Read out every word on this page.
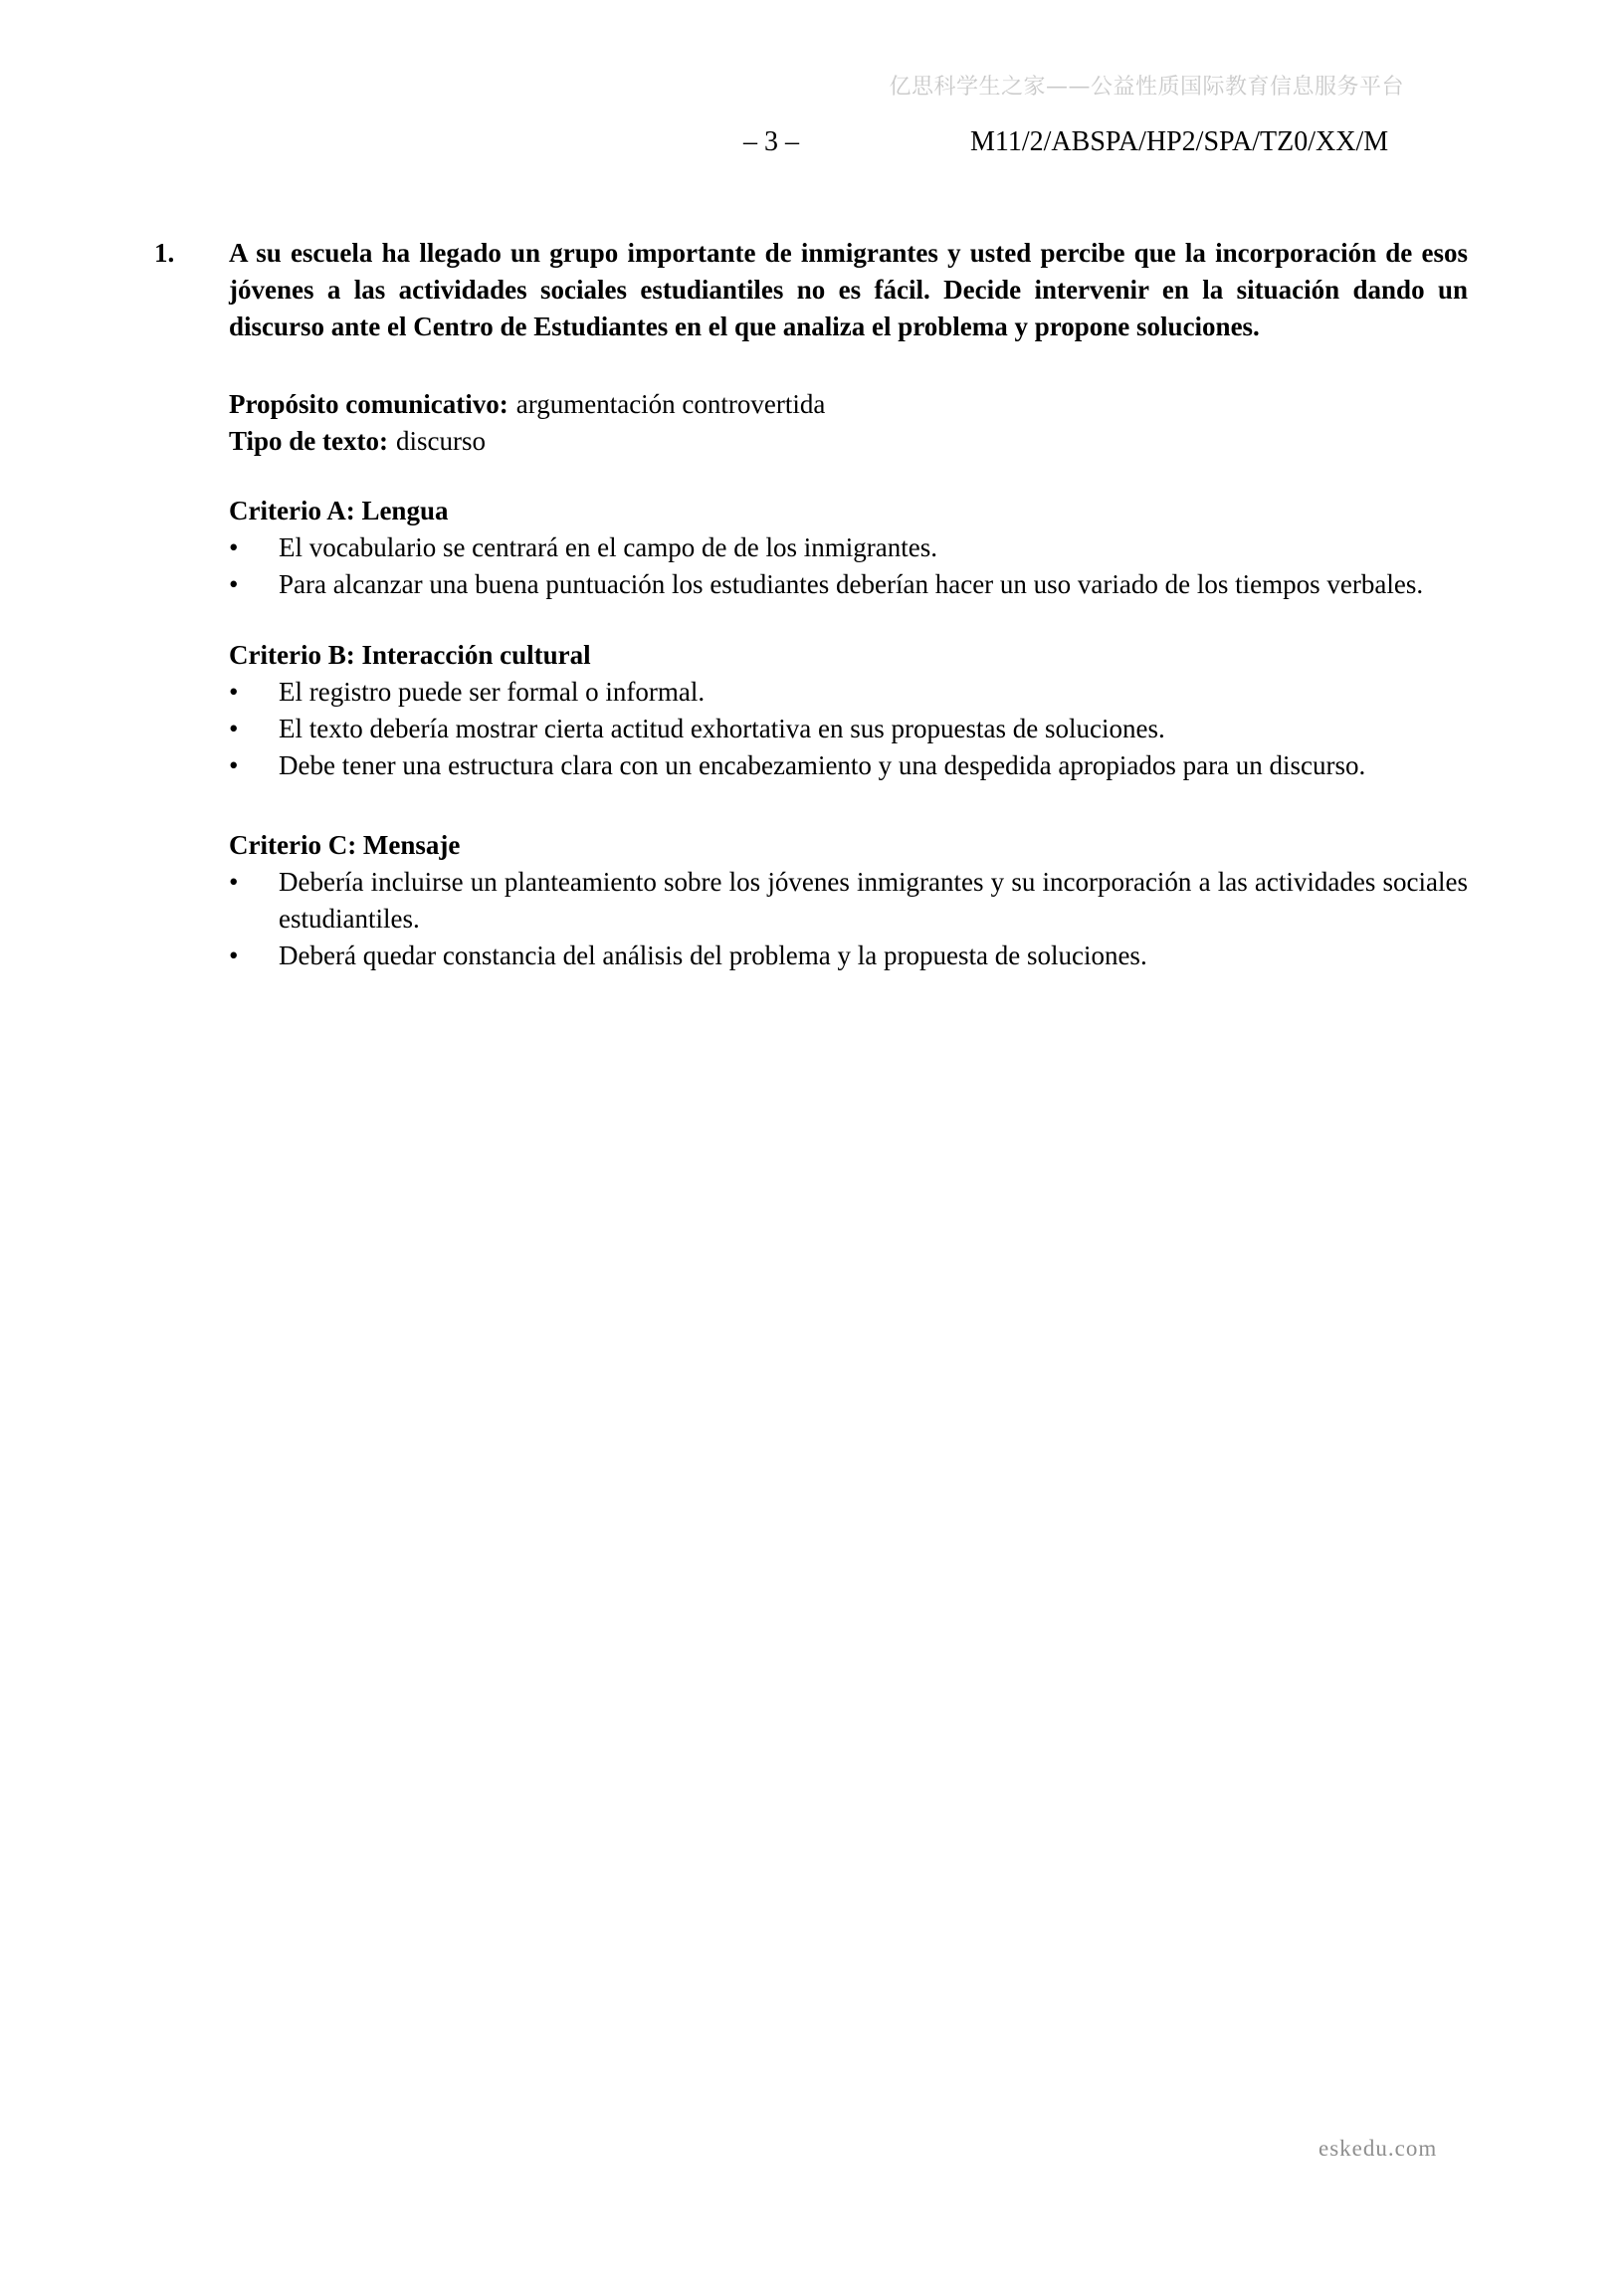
亿思科学生之家——公益性质国际教育信息服务平台
– 3 –	M11/2/ABSPA/HP2/SPA/TZ0/XX/M
1.	A su escuela ha llegado un grupo importante de inmigrantes y usted percibe que la incorporación de esos jóvenes a las actividades sociales estudiantiles no es fácil. Decide intervenir en la situación dando un discurso ante el Centro de Estudiantes en el que analiza el problema y propone soluciones.
Propósito comunicativo: argumentación controvertida
Tipo de texto: discurso
Criterio A: Lengua
•	El vocabulario se centrará en el campo de de los inmigrantes.
•	Para alcanzar una buena puntuación los estudiantes deberían hacer un uso variado de los tiempos verbales.
Criterio B: Interacción cultural
•	El registro puede ser formal o informal.
•	El texto debería mostrar cierta actitud exhortativa en sus propuestas de soluciones.
•	Debe tener una estructura clara con un encabezamiento y una despedida apropiados para un discurso.
Criterio C: Mensaje
•	Debería incluirse un planteamiento sobre los jóvenes inmigrantes y su incorporación a las actividades sociales estudiantiles.
•	Deberá quedar constancia del análisis del problema y la propuesta de soluciones.
eskedu.com
